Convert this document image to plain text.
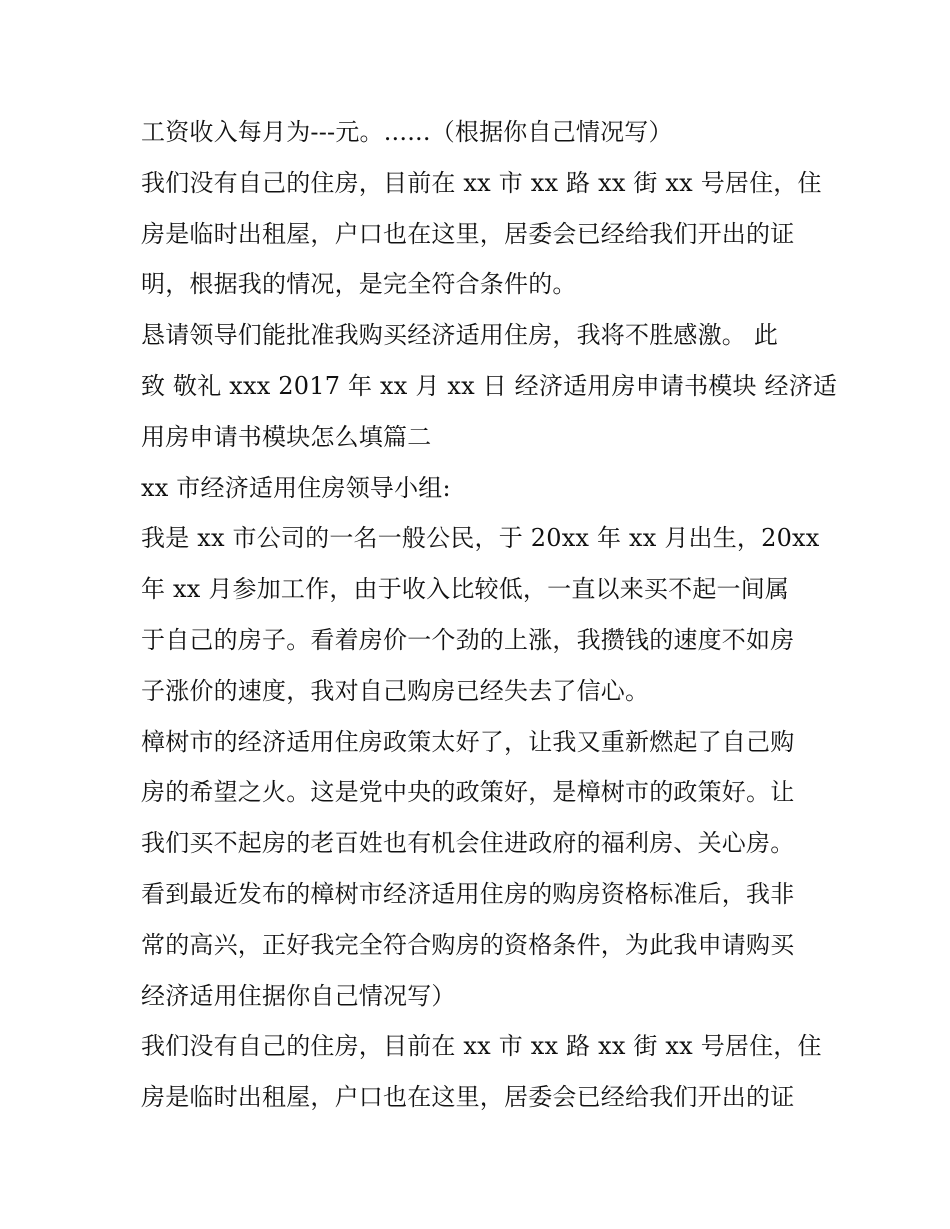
工资收入每月为---元。......（根据你自己情况写）
我们没有自己的住房，目前在 xx 市 xx 路 xx 街 xx 号居住，住
房是临时出租屋，户口也在这里，居委会已经给我们开出的证
明，根据我的情况，是完全符合条件的。
恳请领导们能批准我购买经济适用住房，我将不胜感激。 此
致 敬礼 xxx 2017 年 xx 月 xx 日 经济适用房申请书模块 经济适
用房申请书模块怎么填篇二
xx 市经济适用住房领导小组:
我是 xx 市公司的一名一般公民，于 20xx 年 xx 月出生，20xx
年 xx 月参加工作，由于收入比较低，一直以来买不起一间属
于自己的房子。看着房价一个劲的上涨，我攒钱的速度不如房
子涨价的速度，我对自己购房已经失去了信心。
樟树市的经济适用住房政策太好了，让我又重新燃起了自己购
房的希望之火。这是党中央的政策好，是樟树市的政策好。让
我们买不起房的老百姓也有机会住进政府的福利房、关心房。
看到最近发布的樟树市经济适用住房的购房资格标准后，我非
常的高兴，正好我完全符合购房的资格条件，为此我申请购买
经济适用住据你自己情况写）
我们没有自己的住房，目前在 xx 市 xx 路 xx 街 xx 号居住，住
房是临时出租屋，户口也在这里，居委会已经给我们开出的证
